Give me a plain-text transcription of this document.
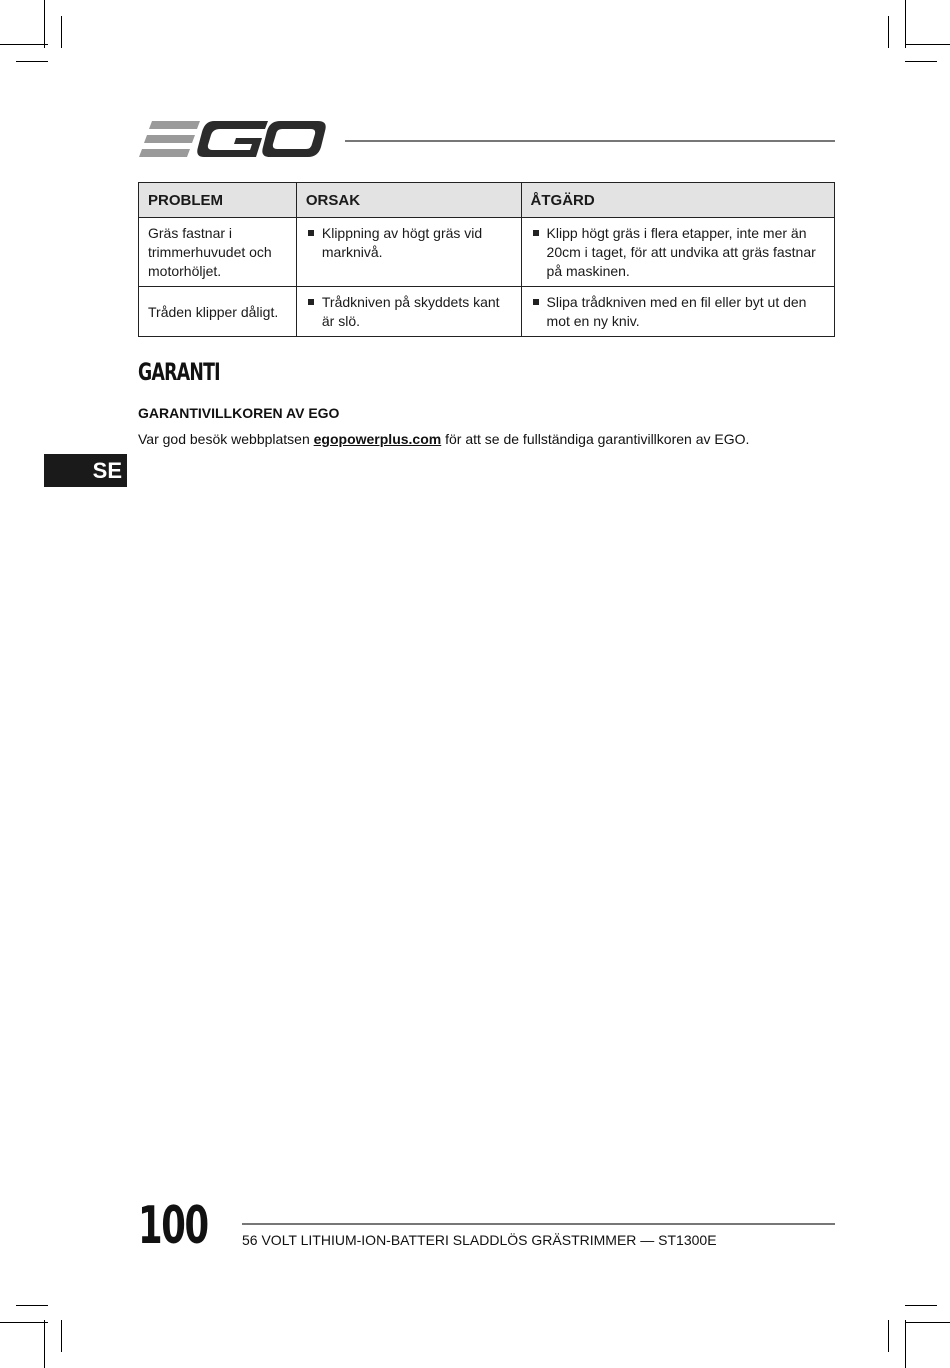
PROBLEM	ORSAK	ÅTGÄRD
Gräs fastnar i trimmerhuvudet och motorhöljet.	Klippning av högt gräs vid marknivå.	Klipp högt gräs i flera etapper, inte mer än 20cm i taget, för att undvika att gräs fastnar på maskinen.

Tråden klipper dåligt.	Trådkniven på skyddets kant är slö.	Slipa trådkniven med en fil eller byt ut den mot en ny kniv.
GARANTI
GARANTIVILLKOREN AV EGO

Var god besök webbplatsen egopowerplus.com för att se de fullständiga garantivillkoren av EGO.

SE
100 56 VOLT LITHIUM-ION-BATTERI SLADDLÖS GRÄSTRIMMER — ST1300E
